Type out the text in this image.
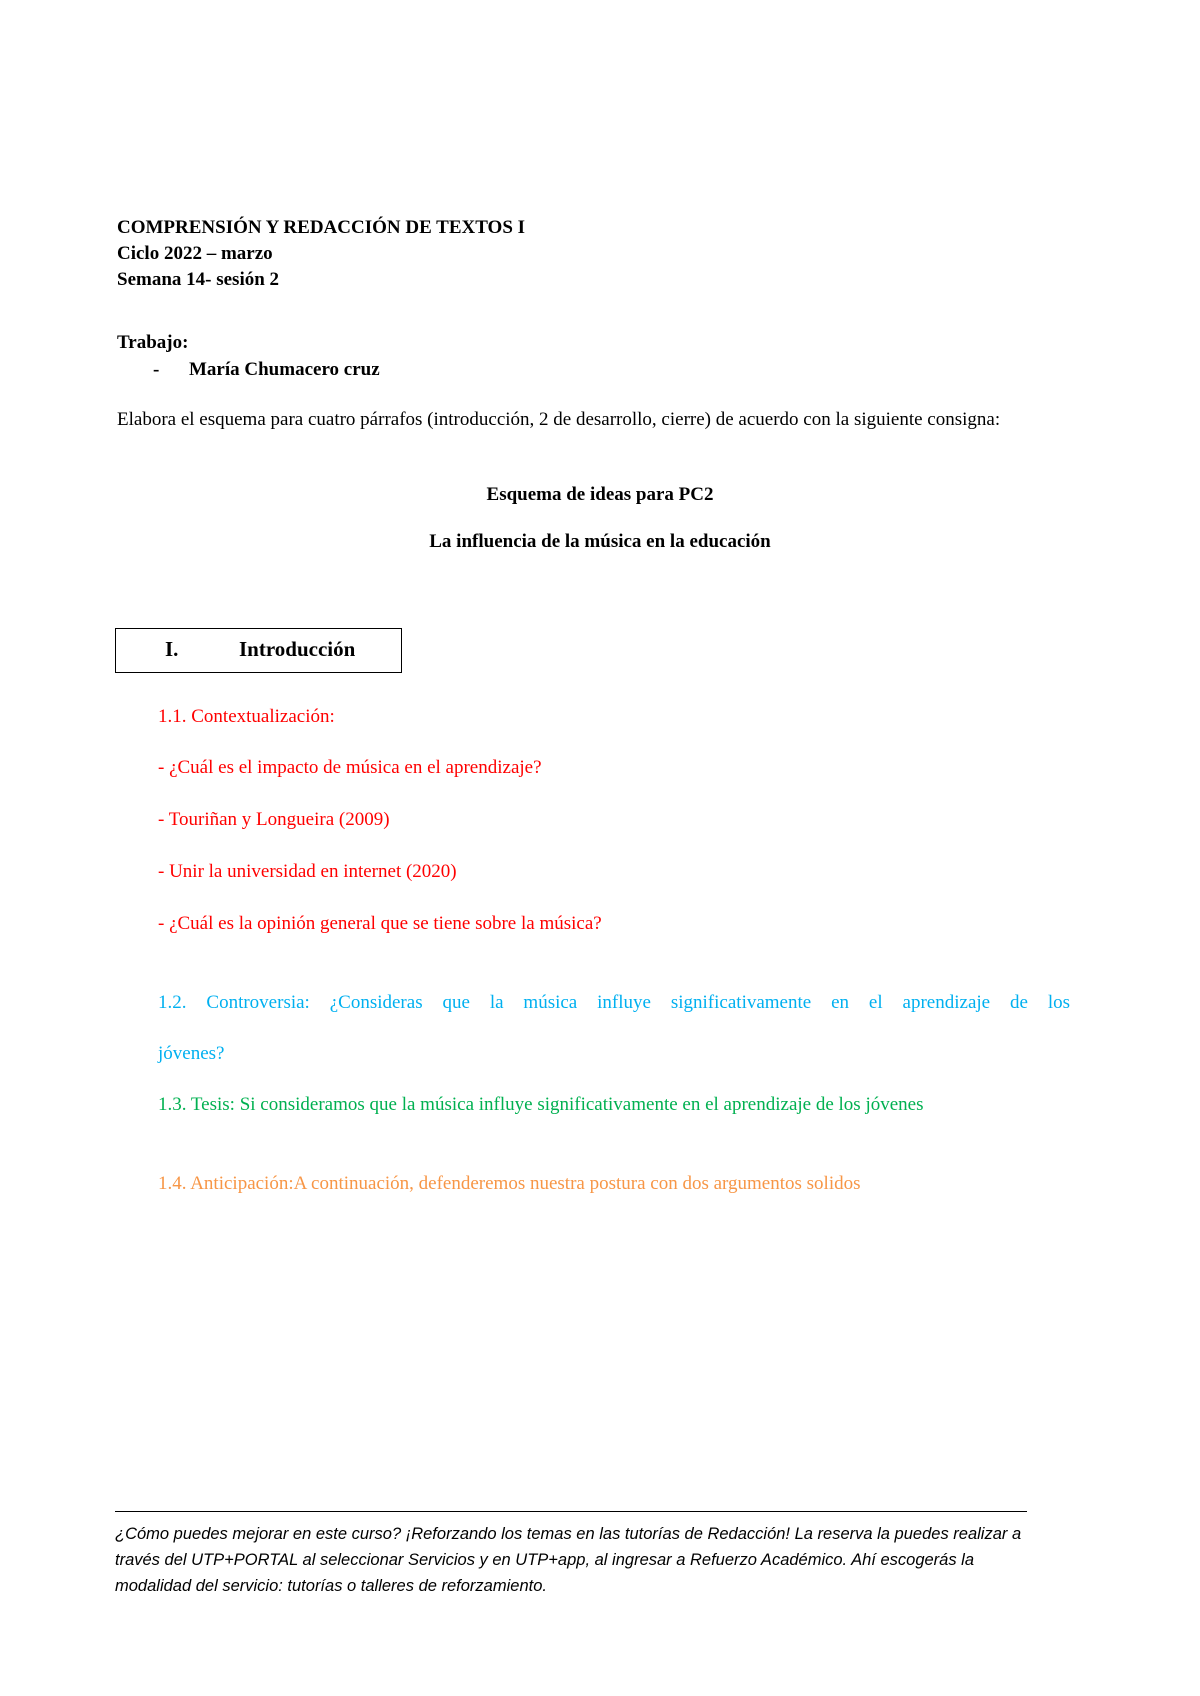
COMPRENSIÓN Y REDACCIÓN DE TEXTOS I
Ciclo 2022 – marzo
Semana 14- sesión 2
Trabajo:
- María Chumacero cruz
Elabora el esquema para cuatro párrafos (introducción, 2 de desarrollo, cierre) de acuerdo con la siguiente consigna:
Esquema de ideas para PC2
La influencia de la música en la educación
I.	Introducción
1.1. Contextualización:
- ¿Cuál es el impacto de música en el aprendizaje?
- Touriñan y Longueira (2009)
- Unir la universidad en internet (2020)
- ¿Cuál es la opinión general que se tiene sobre la música?
1.2. Controversia: ¿Consideras que la música influye significativamente en el aprendizaje de los
jóvenes?
1.3. Tesis: Si consideramos que la música influye significativamente en el aprendizaje de los jóvenes
1.4. Anticipación:A continuación, defenderemos nuestra postura con dos argumentos solidos
¿Cómo puedes mejorar en este curso? ¡Reforzando los temas en las tutorías de Redacción! La reserva la puedes realizar a través del UTP+PORTAL al seleccionar Servicios y en UTP+app, al ingresar a Refuerzo Académico. Ahí escogerás la modalidad del servicio: tutorías o talleres de reforzamiento.
